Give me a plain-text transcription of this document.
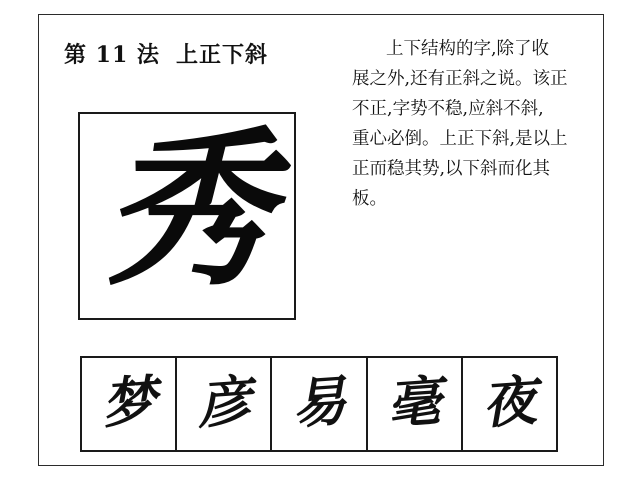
第 11 法 上正下斜	上下结构的字,除了收
展之外,还有正斜之说。该正
不正,字势不稳,应斜不斜,
重心必倒。上正下斜,是以上
正而稳其势,以下斜而化其
板。
秀
梦 彦 易 毫 夜
